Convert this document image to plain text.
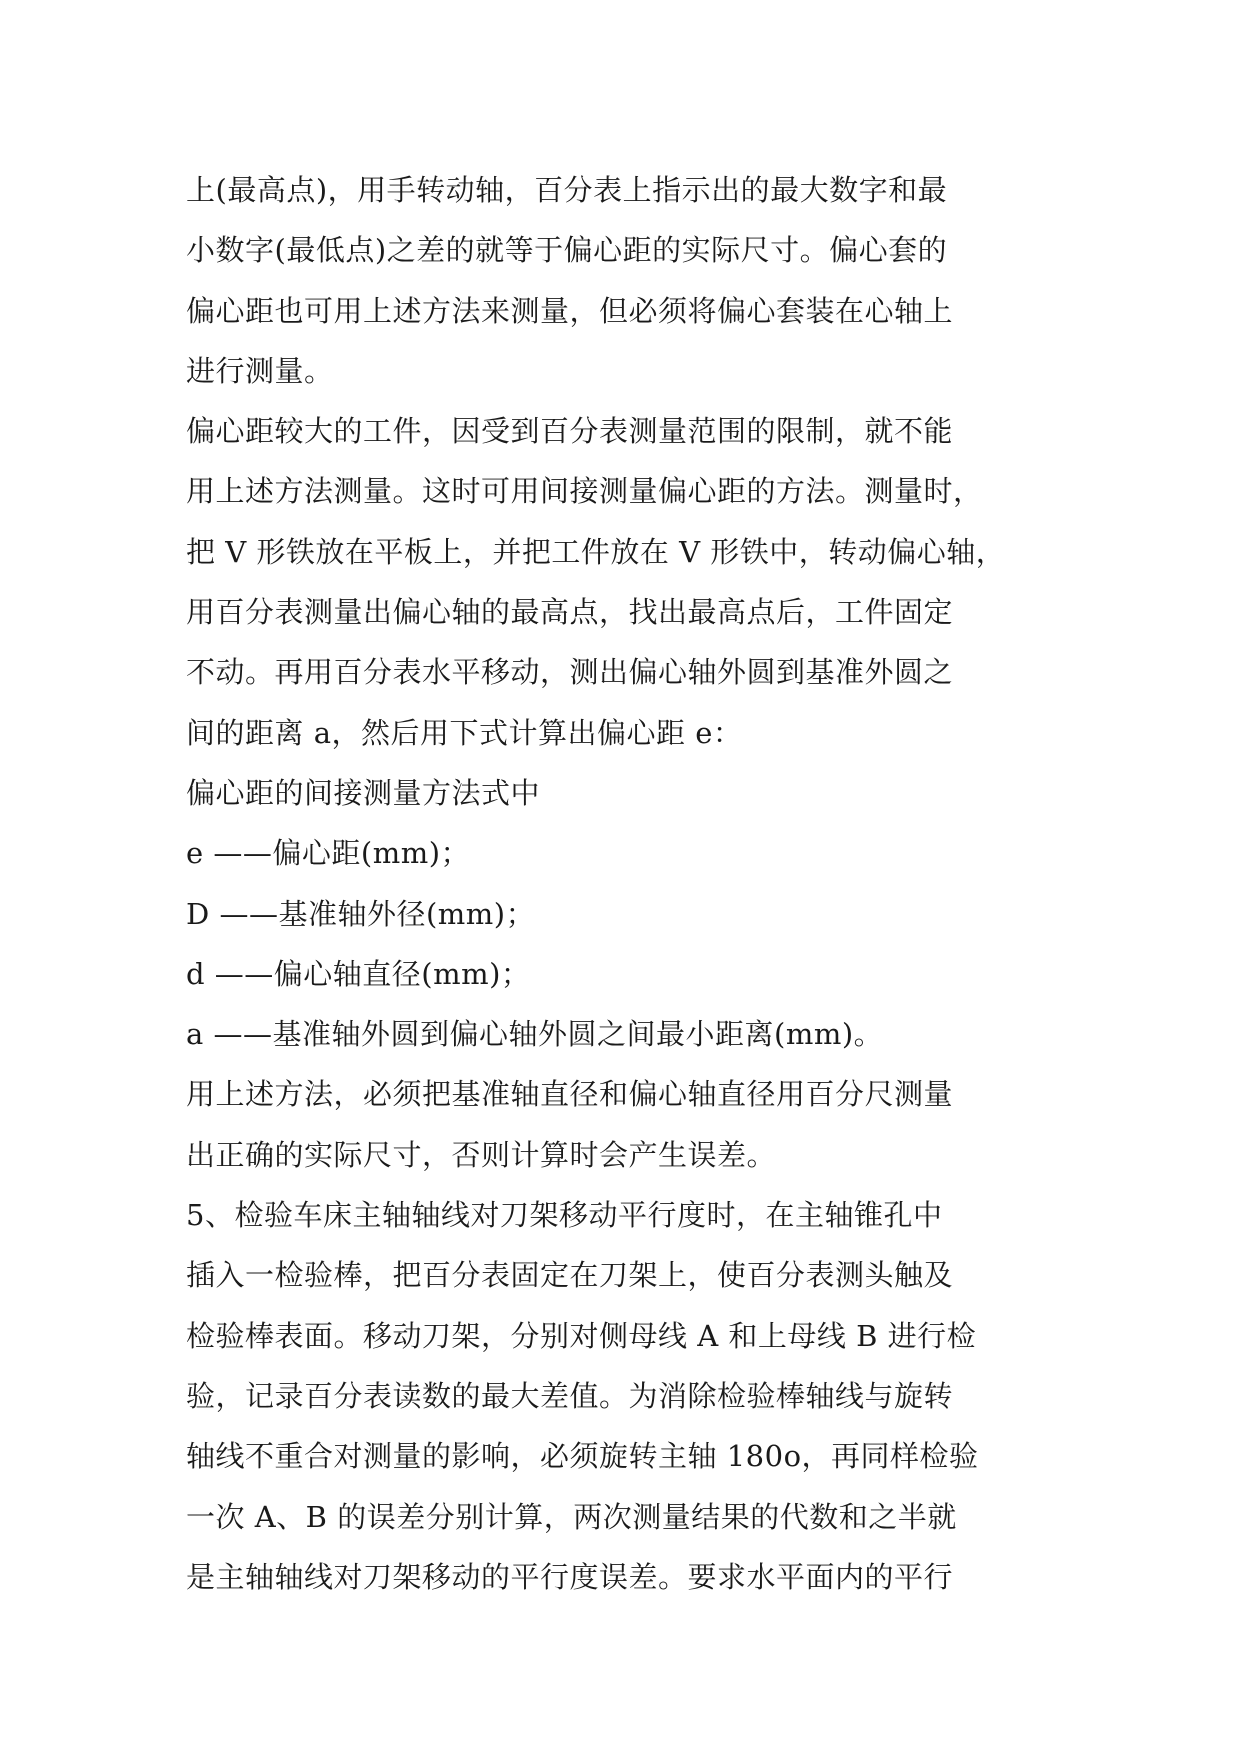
上(最高点)，用手转动轴，百分表上指示出的最大数字和最
小数字(最低点)之差的就等于偏心距的实际尺寸。偏心套的
偏心距也可用上述方法来测量，但必须将偏心套装在心轴上
进行测量。
偏心距较大的工件，因受到百分表测量范围的限制，就不能
用上述方法测量。这时可用间接测量偏心距的方法。测量时，
把 V 形铁放在平板上，并把工件放在 V 形铁中，转动偏心轴，
用百分表测量出偏心轴的最高点，找出最高点后，工件固定
不动。再用百分表水平移动，测出偏心轴外圆到基准外圆之
间的距离 a，然后用下式计算出偏心距 e：
偏心距的间接测量方法式中
e ——偏心距(mm)；
D ——基准轴外径(mm)；
d ——偏心轴直径(mm)；
a ——基准轴外圆到偏心轴外圆之间最小距离(mm)。
用上述方法，必须把基准轴直径和偏心轴直径用百分尺测量
出正确的实际尺寸，否则计算时会产生误差。
5、检验车床主轴轴线对刀架移动平行度时，在主轴锥孔中
插入一检验棒，把百分表固定在刀架上，使百分表测头触及
检验棒表面。移动刀架，分别对侧母线 A 和上母线 B 进行检
验，记录百分表读数的最大差值。为消除检验棒轴线与旋转
轴线不重合对测量的影响，必须旋转主轴 180o，再同样检验
一次 A、B 的误差分别计算，两次测量结果的代数和之半就
是主轴轴线对刀架移动的平行度误差。要求水平面内的平行
